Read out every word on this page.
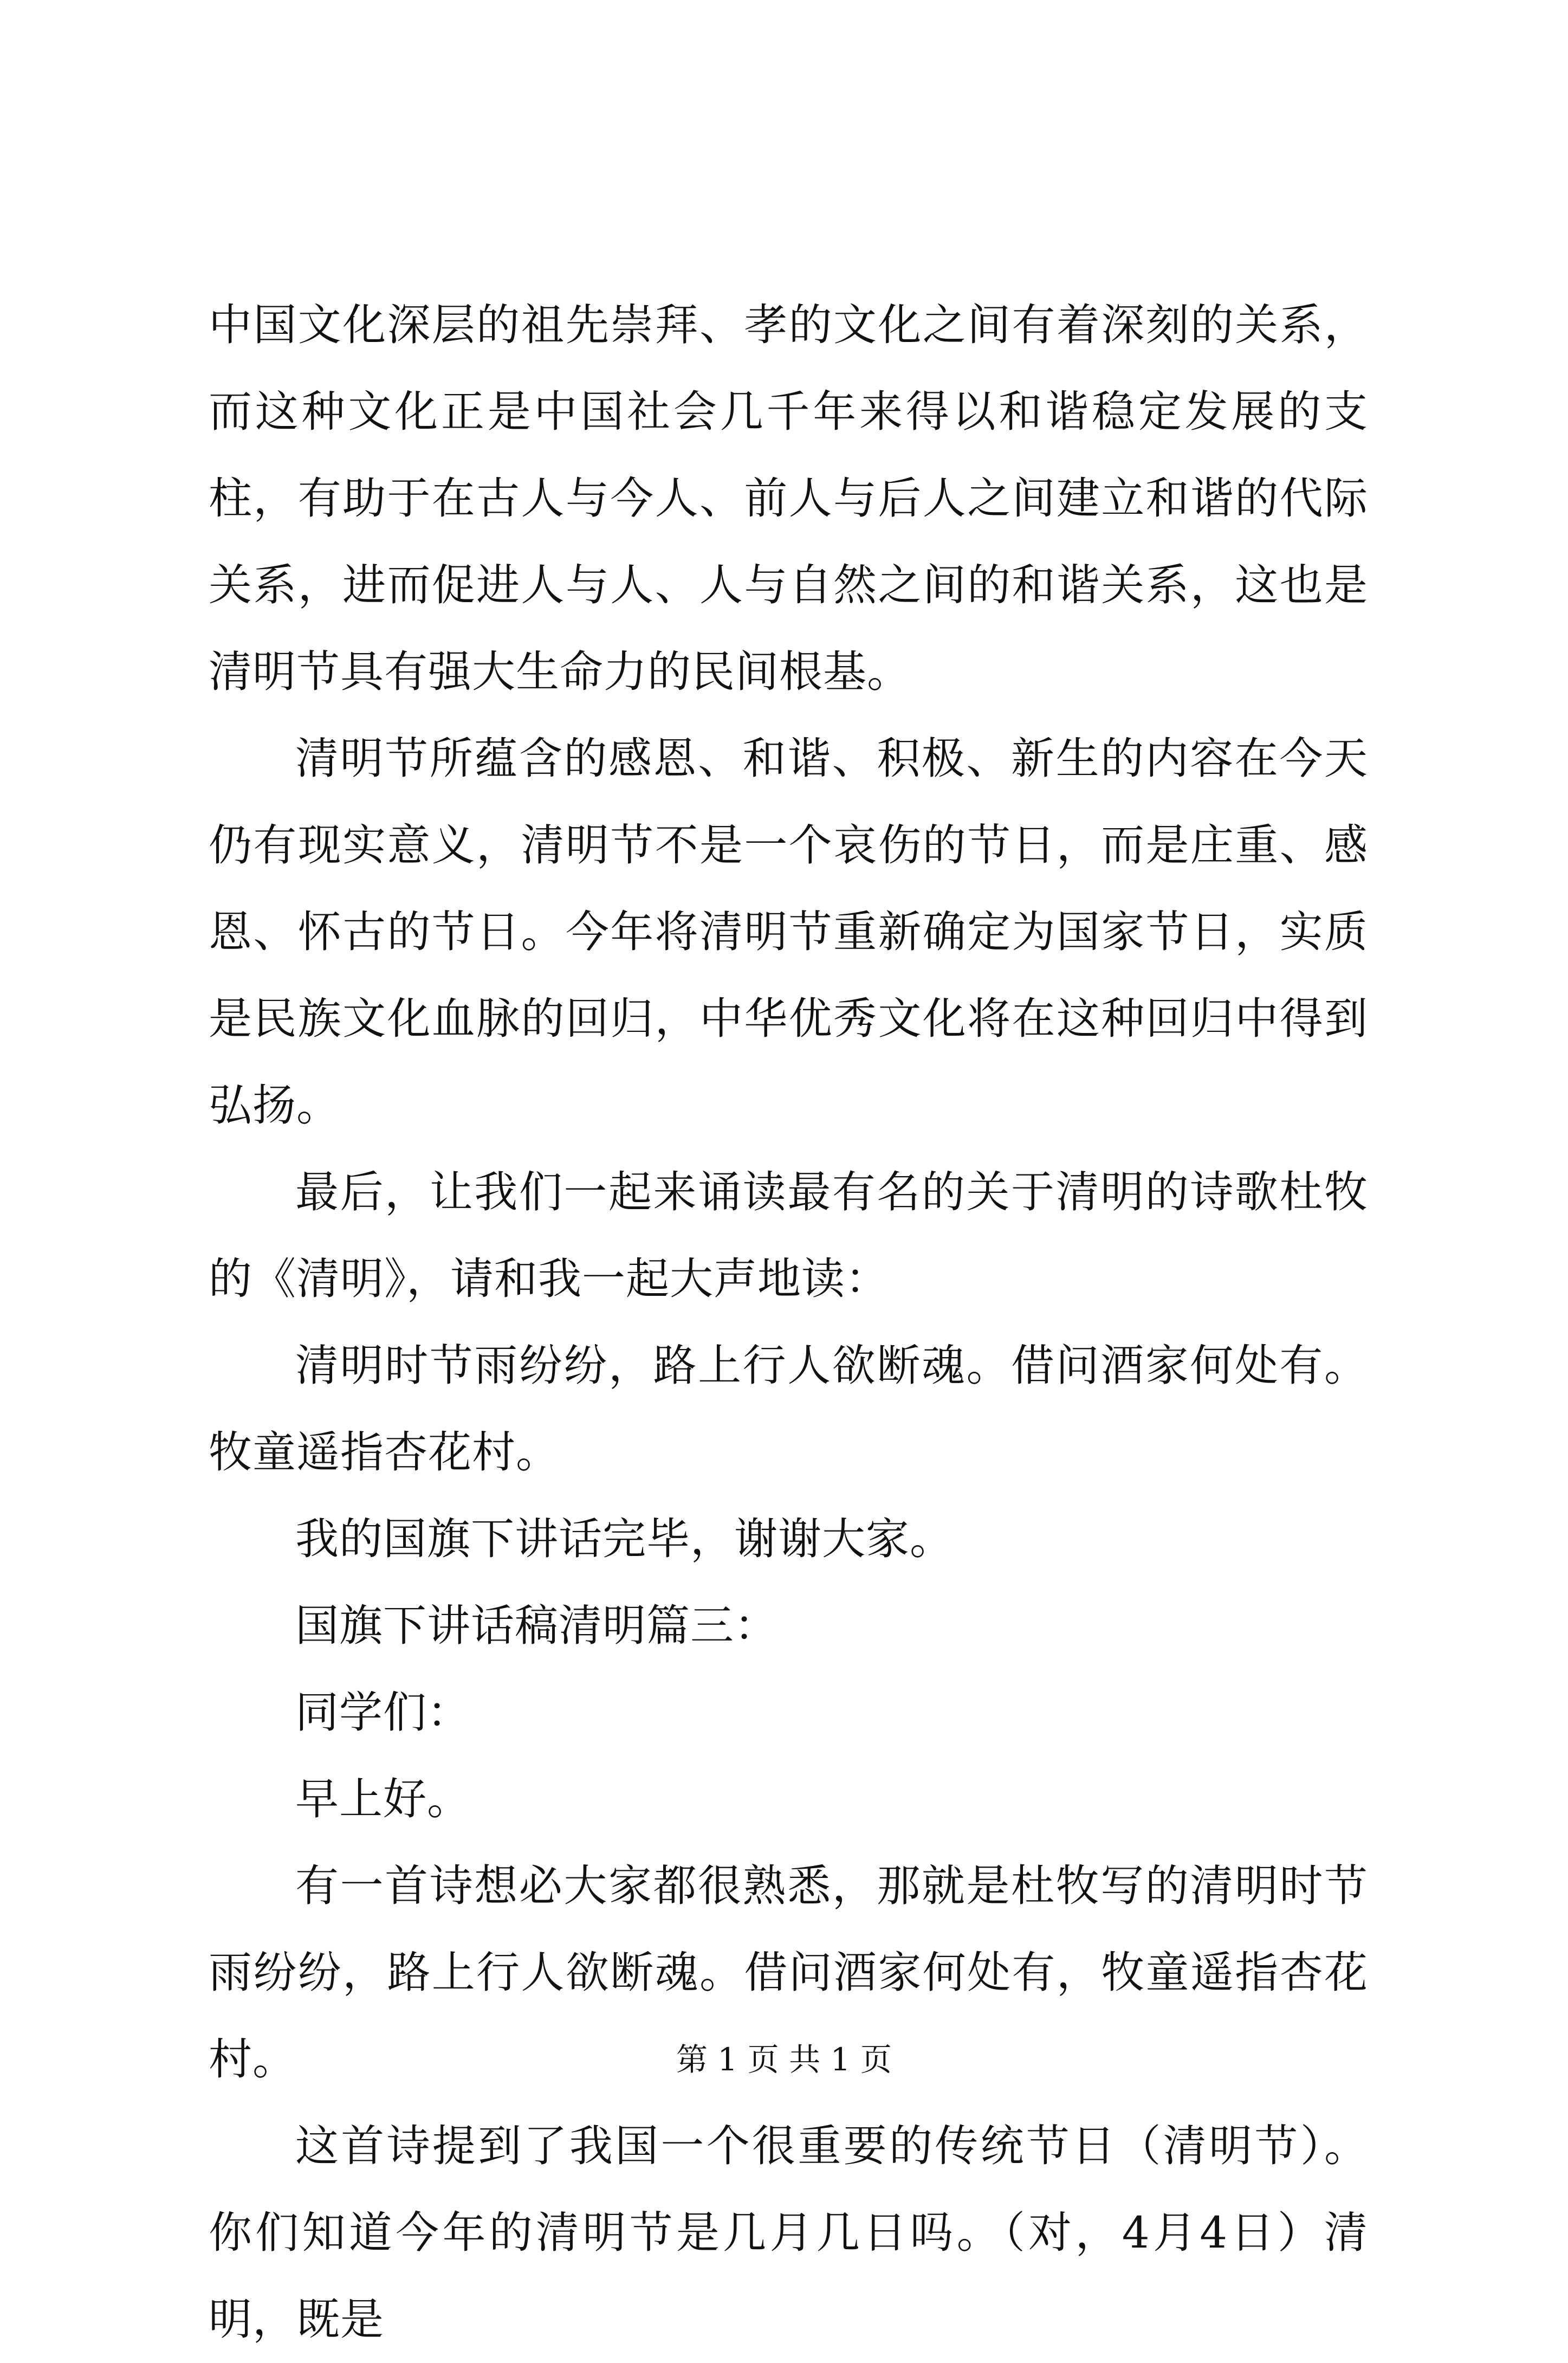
中国文化深层的祖先崇拜、孝的文化之间有着深刻的关系，而这种文化正是中国社会几千年来得以和谐稳定发展的支柱，有助于在古人与今人、前人与后人之间建立和谐的代际关系，进而促进人与人、人与自然之间的和谐关系，这也是清明节具有强大生命力的民间根基。

清明节所蕴含的感恩、和谐、积极、新生的内容在今天仍有现实意义，清明节不是一个哀伤的节日，而是庄重、感恩、怀古的节日。今年将清明节重新确定为国家节日，实质是民族文化血脉的回归，中华优秀文化将在这种回归中得到弘扬。

最后，让我们一起来诵读最有名的关于清明的诗歌杜牧的《清明》，请和我一起大声地读：

清明时节雨纷纷，路上行人欲断魂。借问酒家何处有。牧童遥指杏花村。

我的国旗下讲话完毕，谢谢大家。

国旗下讲话稿清明篇三：

同学们：

早上好。

有一首诗想必大家都很熟悉，那就是杜牧写的清明时节雨纷纷，路上行人欲断魂。借问酒家何处有，牧童遥指杏花村。

这首诗提到了我国一个很重要的传统节日（清明节）。你们知道今年的清明节是几月几日吗。（对，4月4日）清明，既是

第 1 页 共 1 页
